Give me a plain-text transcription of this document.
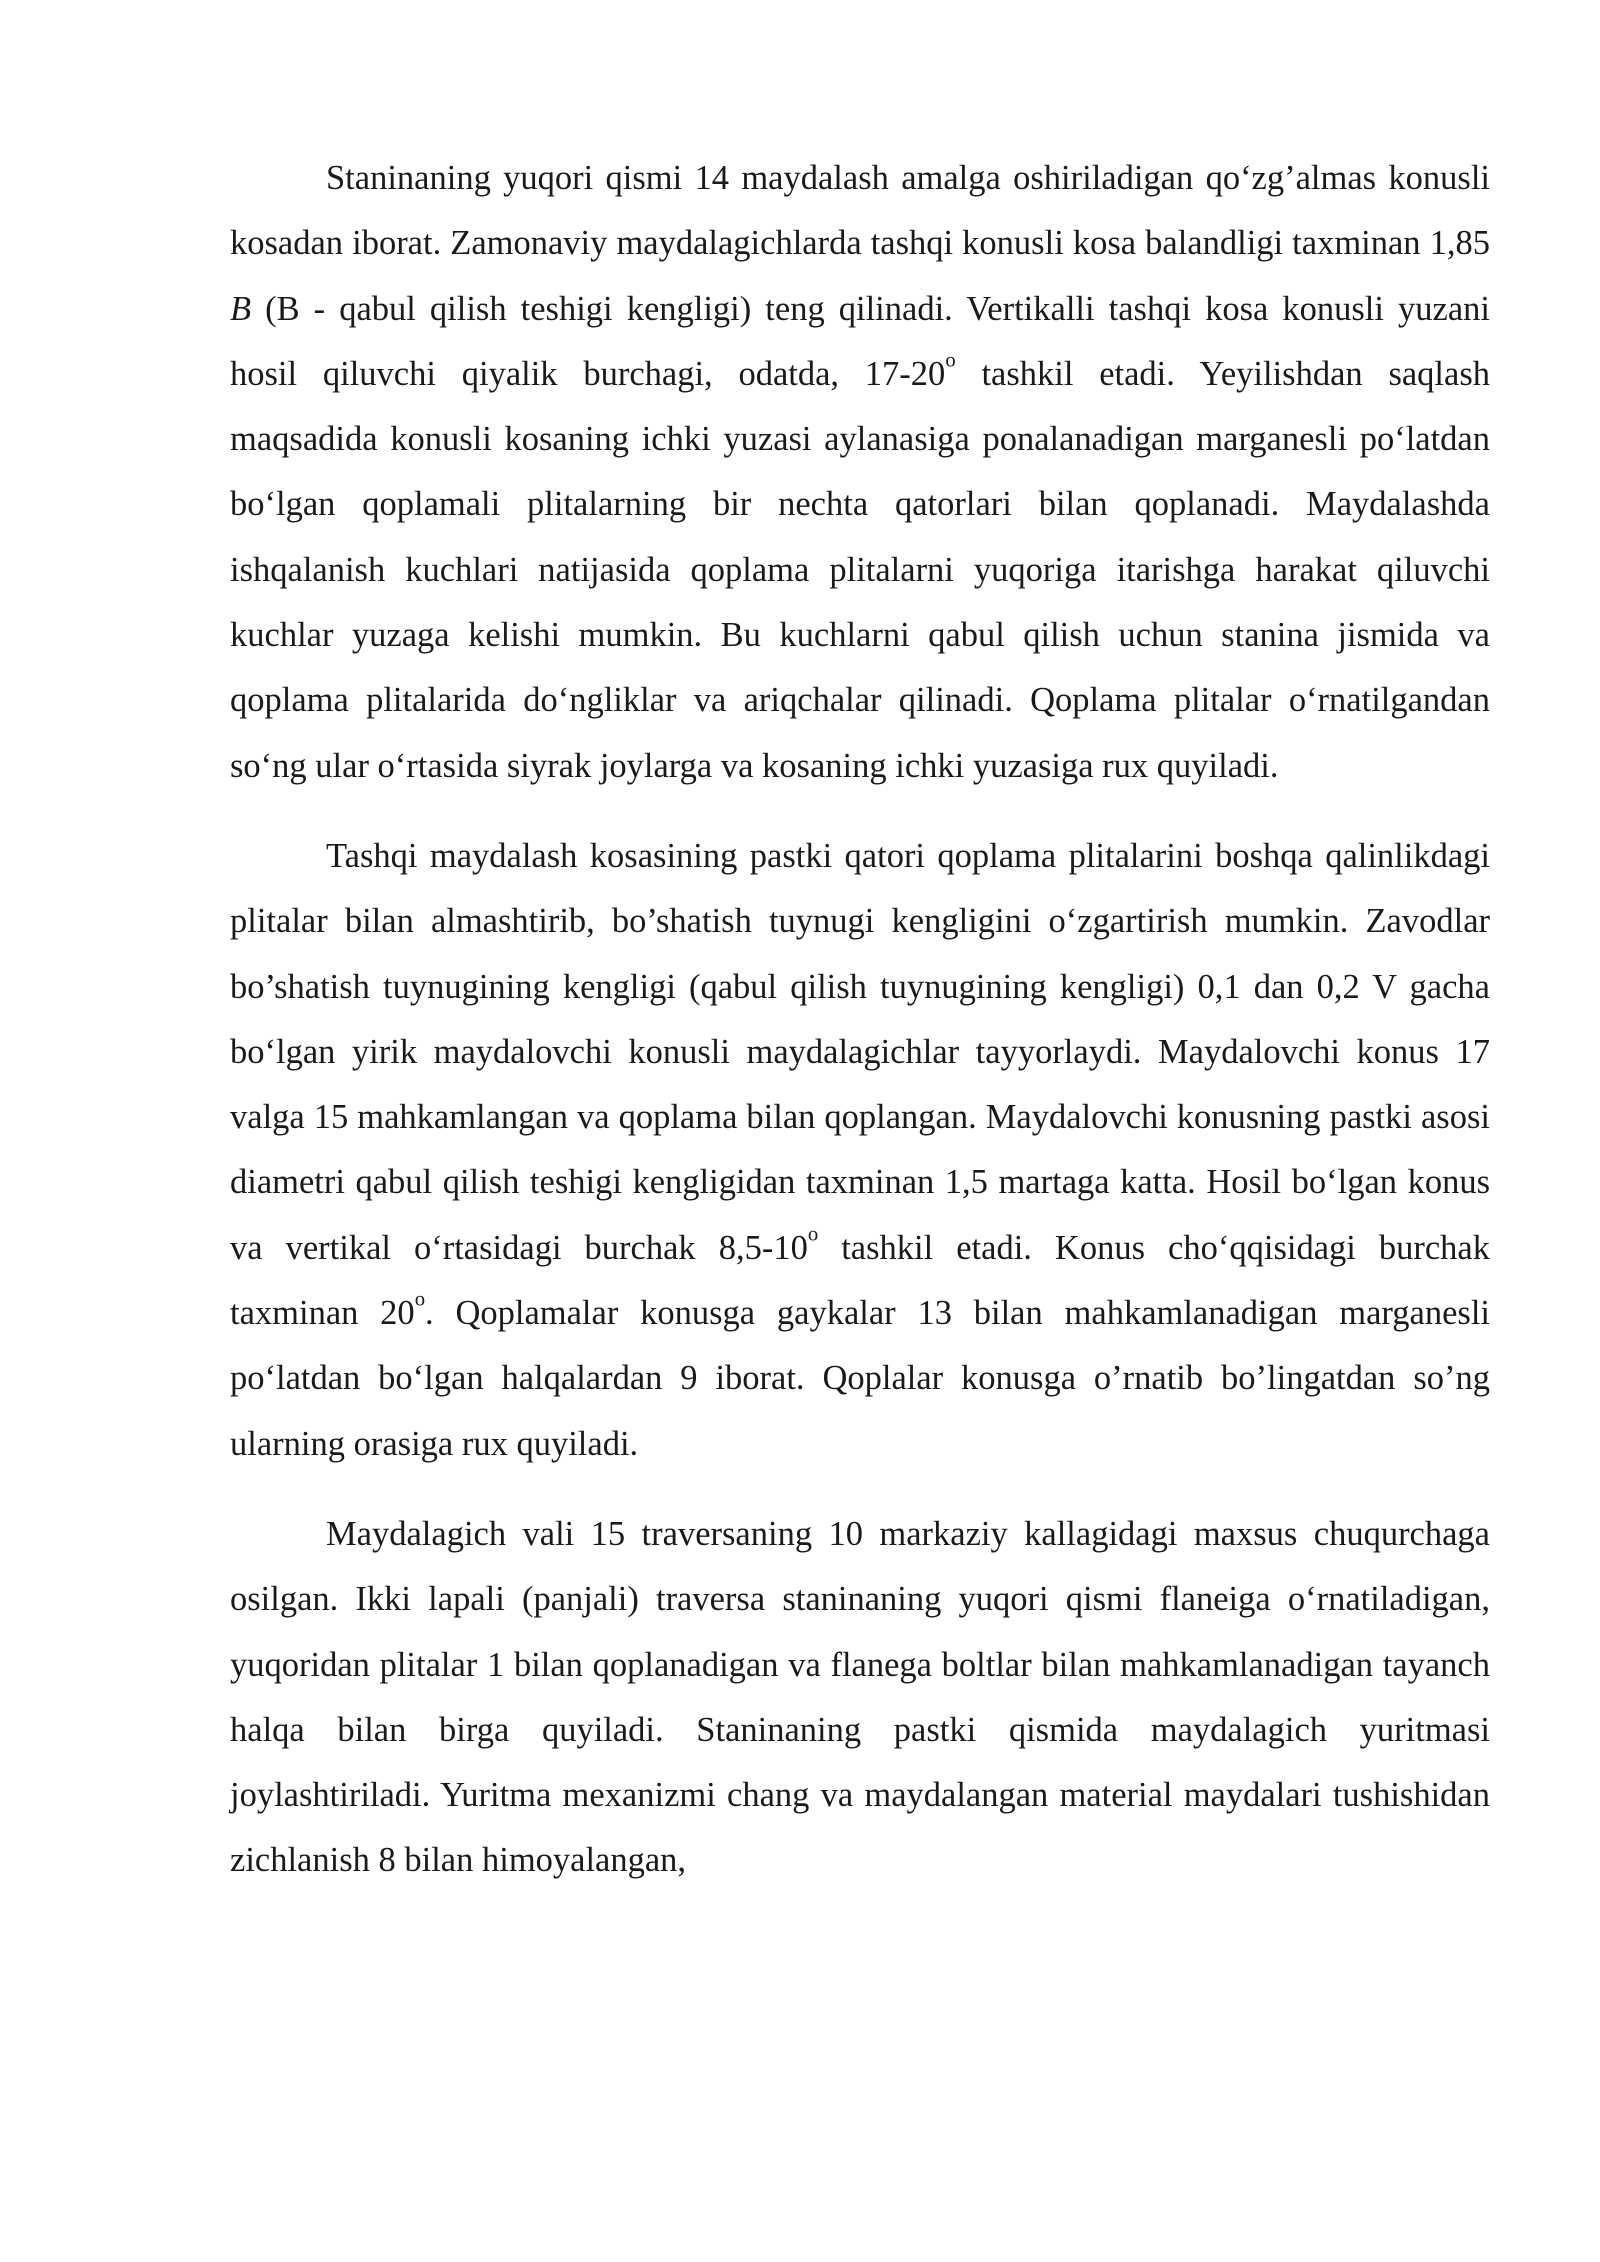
Staninaning yuqori qismi 14 maydalash amalga oshiriladigan qo‘zg’almas konusli kosadan iborat. Zamonaviy maydalagichlarda tashqi konusli kosa balandligi taxminan 1,85 B (B - qabul qilish teshigi kengligi) teng qilinadi. Vertikalli tashqi kosa konusli yuzani hosil qiluvchi qiyalik burchagi, odatda, 17-20$^o$ tashkil etadi. Yeyilishdan saqlash maqsadida konusli kosaning ichki yuzasi aylanasiga ponalanadigan marganesli po‘latdan bo‘lgan qoplamali plitalarning bir nechta qatorlari bilan qoplanadi. Maydalashda ishqalanish kuchlari natijasida qoplama plitalarni yuqoriga itarishga harakat qiluvchi kuchlar yuzaga kelishi mumkin. Bu kuchlarni qabul qilish uchun stanina jismida va qoplama plitalarida do‘ngliklar va ariqchalar qilinadi. Qoplama plitalar o‘rnatilgandan so‘ng ular o‘rtasida siyrak joylarga va kosaning ichki yuzasiga rux quyiladi.

Tashqi maydalash kosasining pastki qatori qoplama plitalarini boshqa qalinlikdagi plitalar bilan almashtirib, bo’shatish tuynugi kengligini o‘zgartirish mumkin. Zavodlar bo’shatish tuynugining kengligi (qabul qilish tuynugining kengligi) 0,1 dan 0,2 V gacha bo‘lgan yirik maydalovchi konusli maydalagichlar tayyorlaydi. Maydalovchi konus 17 valga 15 mahkamlangan va qoplama bilan qoplangan. Maydalovchi konusning pastki asosi diametri qabul qilish teshigi kengligidan taxminan 1,5 martaga katta. Hosil bo‘lgan konus va vertikal o‘rtasidagi burchak 8,5-10$^o$ tashkil etadi. Konus cho‘qqisidagi burchak taxminan 20$^o$. Qoplamalar konusga gaykalar 13 bilan mahkamlanadigan marganesli po‘latdan bo‘lgan halqalardan 9 iborat. Qoplalar konusga o’rnatib bo’lingatdan so’ng ularning orasiga rux quyiladi.

Maydalagich vali 15 traversaning 10 markaziy kallagidagi maxsus chuqurchaga osilgan. Ikki lapali (panjali) traversa staninaning yuqori qismi flaneiga o‘rnatiladigan, yuqoridan plitalar 1 bilan qoplanadigan va flanega boltlar bilan mahkamlanadigan tayanch halqa bilan birga quyiladi. Staninaning pastki qismida maydalagich yuritmasi joylashtiriladi. Yuritma mexanizmi chang va maydalangan material maydalari tushishidan zichlanish 8 bilan himoyalangan,
